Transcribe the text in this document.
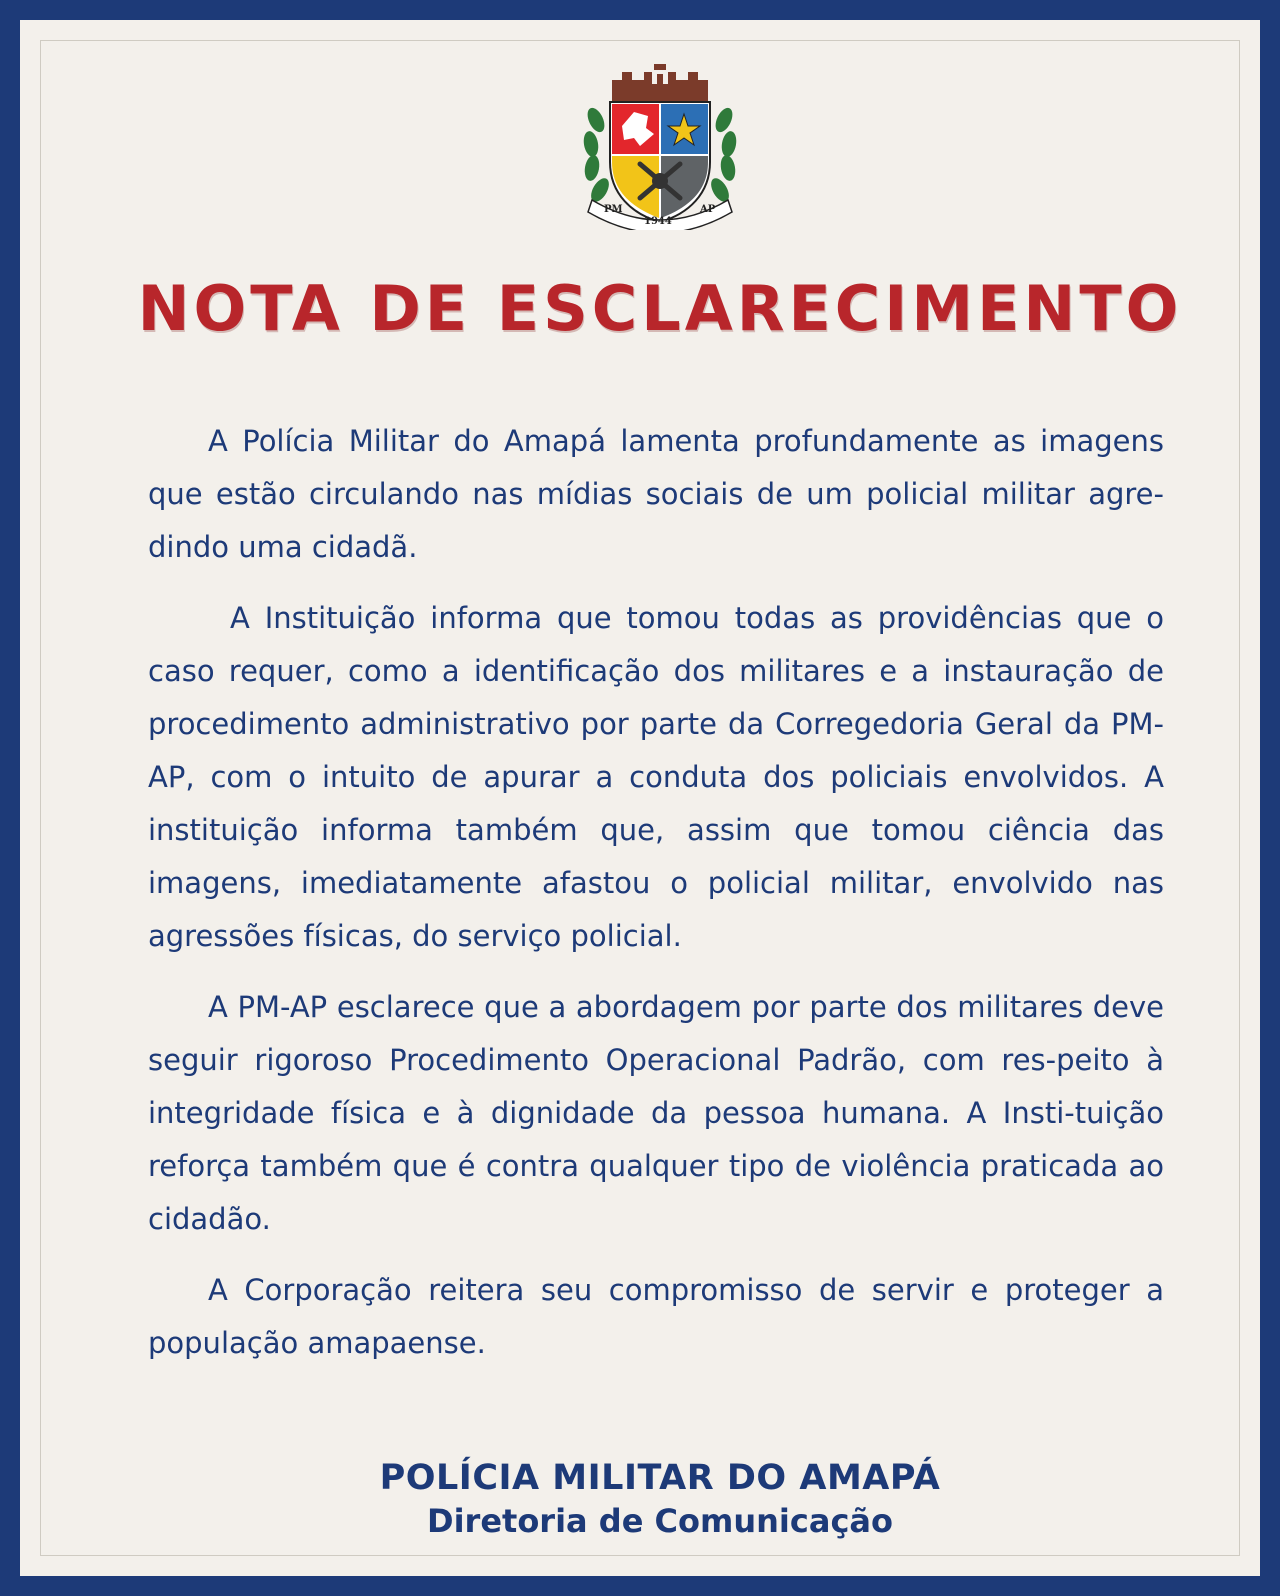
PM
1944
AP
NOTA DE ESCLARECIMENTO

A Polícia Militar do Amapá lamenta profundamente as imagens que estão circulando nas mídias sociais de um policial militar agre-dindo uma cidadã.

A Instituição informa que tomou todas as providências que o caso requer, como a identificação dos militares e a instauração de procedimento administrativo por parte da Corregedoria Geral da PM-AP, com o intuito de apurar a conduta dos policiais envolvidos. A instituição informa também que, assim que tomou ciência das imagens, imediatamente afastou o policial militar, envolvido nas agressões físicas, do serviço policial.

A PM-AP esclarece que a abordagem por parte dos militares deve seguir rigoroso Procedimento Operacional Padrão, com res-peito à integridade física e à dignidade da pessoa humana. A Insti-tuição reforça também que é contra qualquer tipo de violência praticada ao cidadão.

A Corporação reitera seu compromisso de servir e proteger a população amapaense.

POLÍCIA MILITAR DO AMAPÁ
Diretoria de Comunicação
